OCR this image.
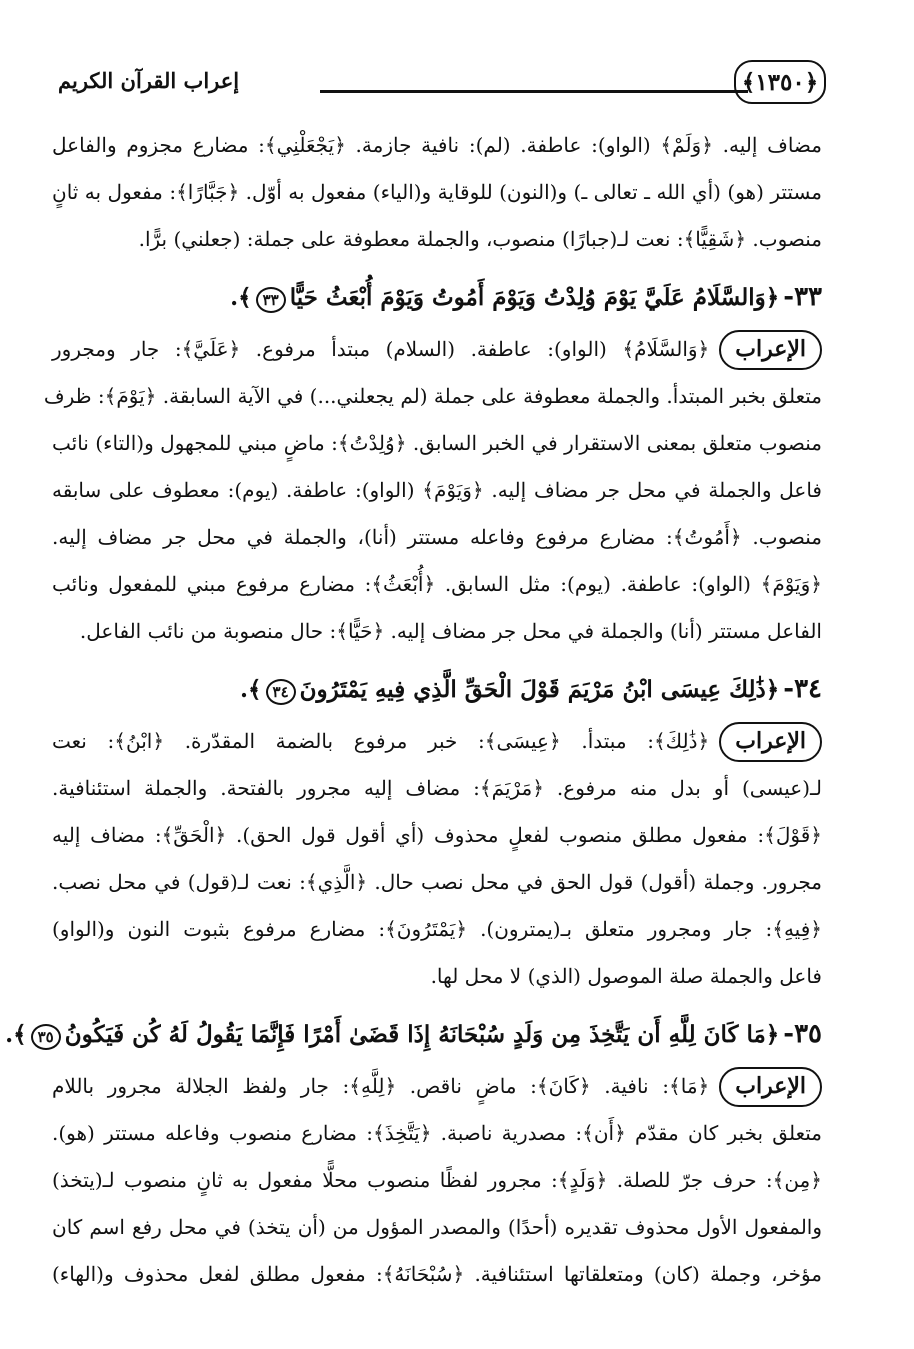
إعراب القرآن الكريم	﴿١٣٥٠﴾

مضاف إليه. ﴿وَلَمْ﴾ (الواو): عاطفة. (لم): نافية جازمة. ﴿يَجْعَلْنِي﴾: مضارع مجزوم والفاعل

مستتر (هو) (أي الله ـ تعالى ـ) و(النون) للوقاية و(الياء) مفعول به أوّل. ﴿جَبَّارًا﴾: مفعول به ثانٍ

منصوب. ﴿شَقِيًّا﴾: نعت لـ(جبارًا) منصوب، والجملة معطوفة على جملة: (جعلني) برًّا.

٣٣-﴿وَالسَّلَامُ عَلَيَّ يَوْمَ وُلِدْتُ وَيَوْمَ أَمُوتُ وَيَوْمَ أُبْعَثُ حَيًّا٣٣﴾.
الإعراب

﴿وَالسَّلَامُ﴾ (الواو): عاطفة. (السلام) مبتدأ مرفوع. ﴿عَلَيَّ﴾: جار ومجرور

متعلق بخبر المبتدأ. والجملة معطوفة على جملة (لم يجعلني...) في الآية السابقة. ﴿يَوْمَ﴾: ظرف

منصوب متعلق بمعنى الاستقرار في الخبر السابق. ﴿وُلِدْتُ﴾: ماضٍ مبني للمجهول و(التاء) نائب

فاعل والجملة في محل جر مضاف إليه. ﴿وَيَوْمَ﴾ (الواو): عاطفة. (يوم): معطوف على سابقه

منصوب. ﴿أَمُوتُ﴾: مضارع مرفوع وفاعله مستتر (أنا)، والجملة في محل جر مضاف إليه.

﴿وَيَوْمَ﴾ (الواو): عاطفة. (يوم): مثل السابق. ﴿أُبْعَثُ﴾: مضارع مرفوع مبني للمفعول ونائب

الفاعل مستتر (أنا) والجملة في محل جر مضاف إليه. ﴿حَيًّا﴾: حال منصوبة من نائب الفاعل.

٣٤-﴿ذَٰلِكَ عِيسَى ابْنُ مَرْيَمَ قَوْلَ الْحَقِّ الَّذِي فِيهِ يَمْتَرُونَ٣٤﴾.
الإعراب

﴿ذَٰلِكَ﴾: مبتدأ. ﴿عِيسَى﴾: خبر مرفوع بالضمة المقدّرة. ﴿ابْنُ﴾: نعت

لـ(عيسى) أو بدل منه مرفوع. ﴿مَرْيَمَ﴾: مضاف إليه مجرور بالفتحة. والجملة استئنافية.

﴿قَوْلَ﴾: مفعول مطلق منصوب لفعلٍ محذوف (أي أقول قول الحق). ﴿الْحَقِّ﴾: مضاف إليه

مجرور. وجملة (أقول) قول الحق في محل نصب حال. ﴿الَّذِي﴾: نعت لـ(قول) في محل نصب.

﴿فِيهِ﴾: جار ومجرور متعلق بـ(يمترون). ﴿يَمْتَرُونَ﴾: مضارع مرفوع بثبوت النون و(الواو)

فاعل والجملة صلة الموصول (الذي) لا محل لها.

٣٥-﴿مَا كَانَ لِلَّهِ أَن يَتَّخِذَ مِن وَلَدٍ سُبْحَانَهُ إِذَا قَضَىٰ أَمْرًا فَإِنَّمَا يَقُولُ لَهُ كُن فَيَكُونُ٣٥﴾.
الإعراب

﴿مَا﴾: نافية. ﴿كَانَ﴾: ماضٍ ناقص. ﴿لِلَّهِ﴾: جار ولفظ الجلالة مجرور باللام

متعلق بخبر كان مقدّم ﴿أَن﴾: مصدرية ناصبة. ﴿يَتَّخِذَ﴾: مضارع منصوب وفاعله مستتر (هو).

﴿مِن﴾: حرف جرّ للصلة. ﴿وَلَدٍ﴾: مجرور لفظًا منصوب محلًّا مفعول به ثانٍ منصوب لـ(يتخذ)

والمفعول الأول محذوف تقديره (أحدًا) والمصدر المؤول من (أن يتخذ) في محل رفع اسم كان

مؤخر، وجملة (كان) ومتعلقاتها استئنافية. ﴿سُبْحَانَهُ﴾: مفعول مطلق لفعل محذوف و(الهاء)
